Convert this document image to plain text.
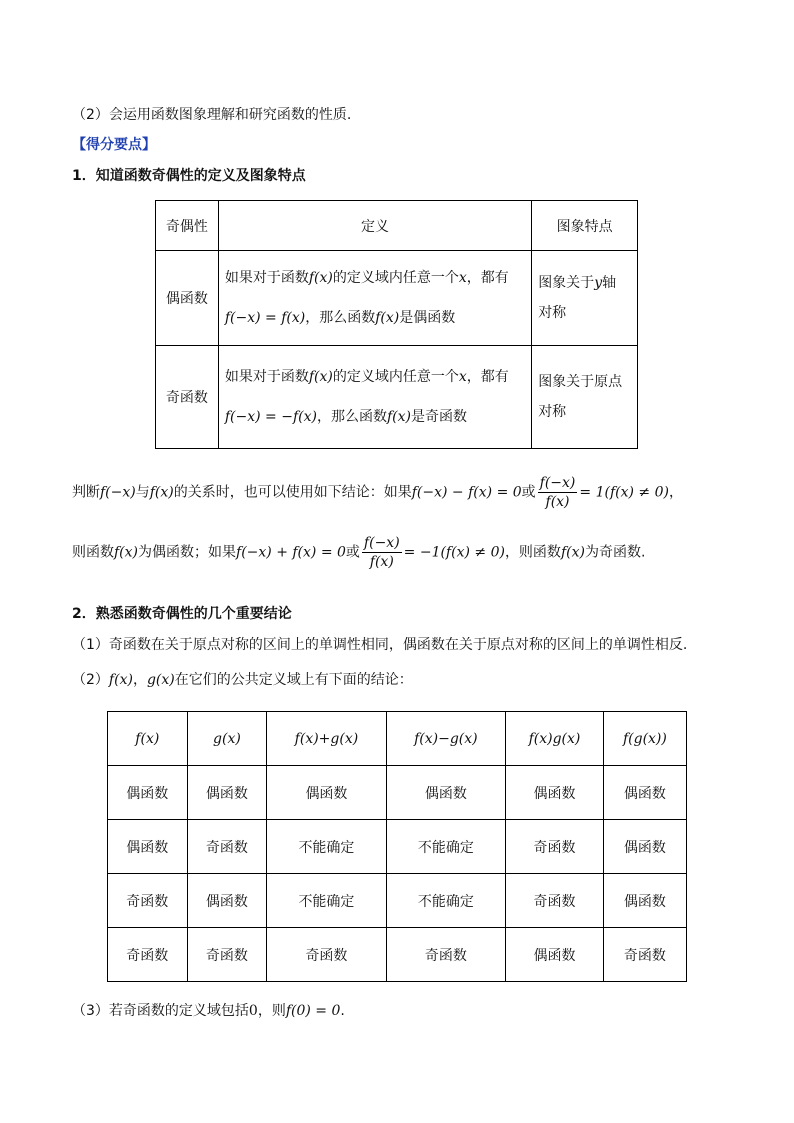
（2）会运用函数图象理解和研究函数的性质.
【得分要点】
1．知道函数奇偶性的定义及图象特点
奇偶性	定义	图象特点
偶函数	如果对于函数f(x)的定义域内任意一个x，都有
f(−x) = f(x)，那么函数f(x)是偶函数	图象关于y轴
对称
奇函数	如果对于函数f(x)的定义域内任意一个x，都有
f(−x) = −f(x)，那么函数f(x)是奇函数	图象关于原点
对称
判断f(−x)与f(x)的关系时，也可以使用如下结论：如果f(−x) − f(x) = 0或 $\frac{f(-x)}{f(x)} = 1(f(x) \ne 0)$，
则函数f(x)为偶函数；如果f(−x) + f(x) = 0或 $\frac{f(-x)}{f(x)} = -1(f(x) \ne 0)$，则函数f(x)为奇函数.
2．熟悉函数奇偶性的几个重要结论
（1）奇函数在关于原点对称的区间上的单调性相同，偶函数在关于原点对称的区间上的单调性相反.
（2）f(x)，g(x)在它们的公共定义域上有下面的结论：
f(x)	g(x)	f(x)+g(x)	f(x)−g(x)	f(x)g(x)	f(g(x))
偶函数	偶函数	偶函数	偶函数	偶函数	偶函数
偶函数	奇函数	不能确定	不能确定	奇函数	偶函数
奇函数	偶函数	不能确定	不能确定	奇函数	偶函数
奇函数	奇函数	奇函数	奇函数	偶函数	奇函数
（3）若奇函数的定义域包括0，则f(0) = 0.
